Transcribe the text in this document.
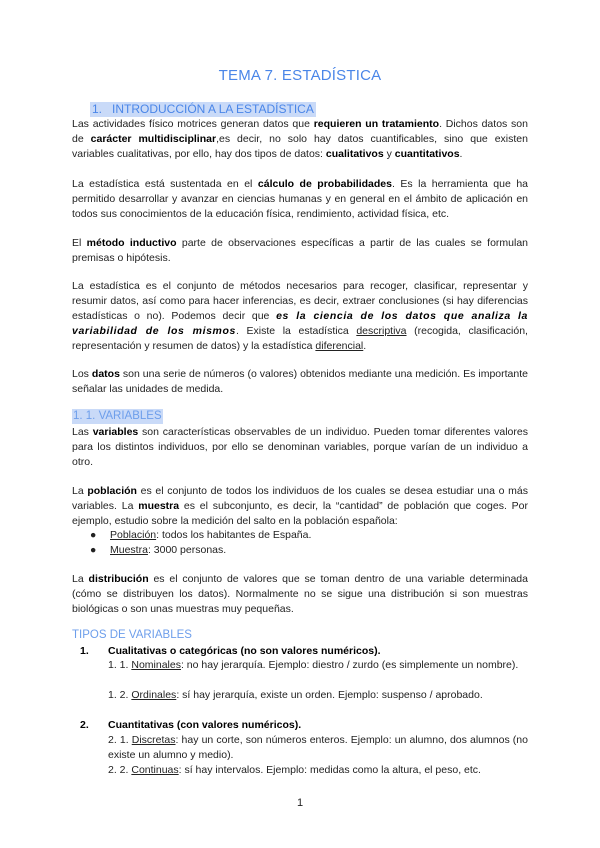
TEMA 7. ESTADÍSTICA
1. INTRODUCCIÓN A LA ESTADÍSTICA

Las actividades físico motrices generan datos que requieren un tratamiento. Dichos datos son de carácter multidisciplinar,es decir, no solo hay datos cuantificables, sino que existen variables cualitativas, por ello, hay dos tipos de datos: cualitativos y cuantitativos.

La estadística está sustentada en el cálculo de probabilidades. Es la herramienta que ha permitido desarrollar y avanzar en ciencias humanas y en general en el ámbito de aplicación en todos sus conocimientos de la educación física, rendimiento, actividad física, etc.

El método inductivo parte de observaciones específicas a partir de las cuales se formulan premisas o hipótesis.

La estadística es el conjunto de métodos necesarios para recoger, clasificar, representar y resumir datos, así como para hacer inferencias, es decir, extraer conclusiones (si hay diferencias estadísticas o no). Podemos decir que es la ciencia de los datos que analiza la variabilidad de los mismos. Existe la estadística descriptiva (recogida, clasificación, representación y resumen de datos) y la estadística diferencial.

Los datos son una serie de números (o valores) obtenidos mediante una medición. Es importante señalar las unidades de medida.

1. 1. VARIABLES

Las variables son características observables de un individuo. Pueden tomar diferentes valores para los distintos individuos, por ello se denominan variables, porque varían de un individuo a otro.

La población es el conjunto de todos los individuos de los cuales se desea estudiar una o más variables. La muestra es el subconjunto, es decir, la “cantidad” de población que coges. Por ejemplo, estudio sobre la medición del salto en la población española:

● Población: todos los habitantes de España.
● Muestra: 3000 personas.

La distribución es el conjunto de valores que se toman dentro de una variable determinada (cómo se distribuyen los datos). Normalmente no se sigue una distribución si son muestras biológicas o son unas muestras muy pequeñas.

TIPOS DE VARIABLES
1. Cualitativas o categóricas (no son valores numéricos).
1. 1. Nominales: no hay jerarquía. Ejemplo: diestro / zurdo (es simplemente un nombre).
1. 2. Ordinales: sí hay jerarquía, existe un orden. Ejemplo: suspenso / aprobado.
2. Cuantitativas (con valores numéricos).
2. 1. Discretas: hay un corte, son números enteros. Ejemplo: un alumno, dos alumnos (no existe un alumno y medio).
2. 2. Continuas: sí hay intervalos. Ejemplo: medidas como la altura, el peso, etc.
1
